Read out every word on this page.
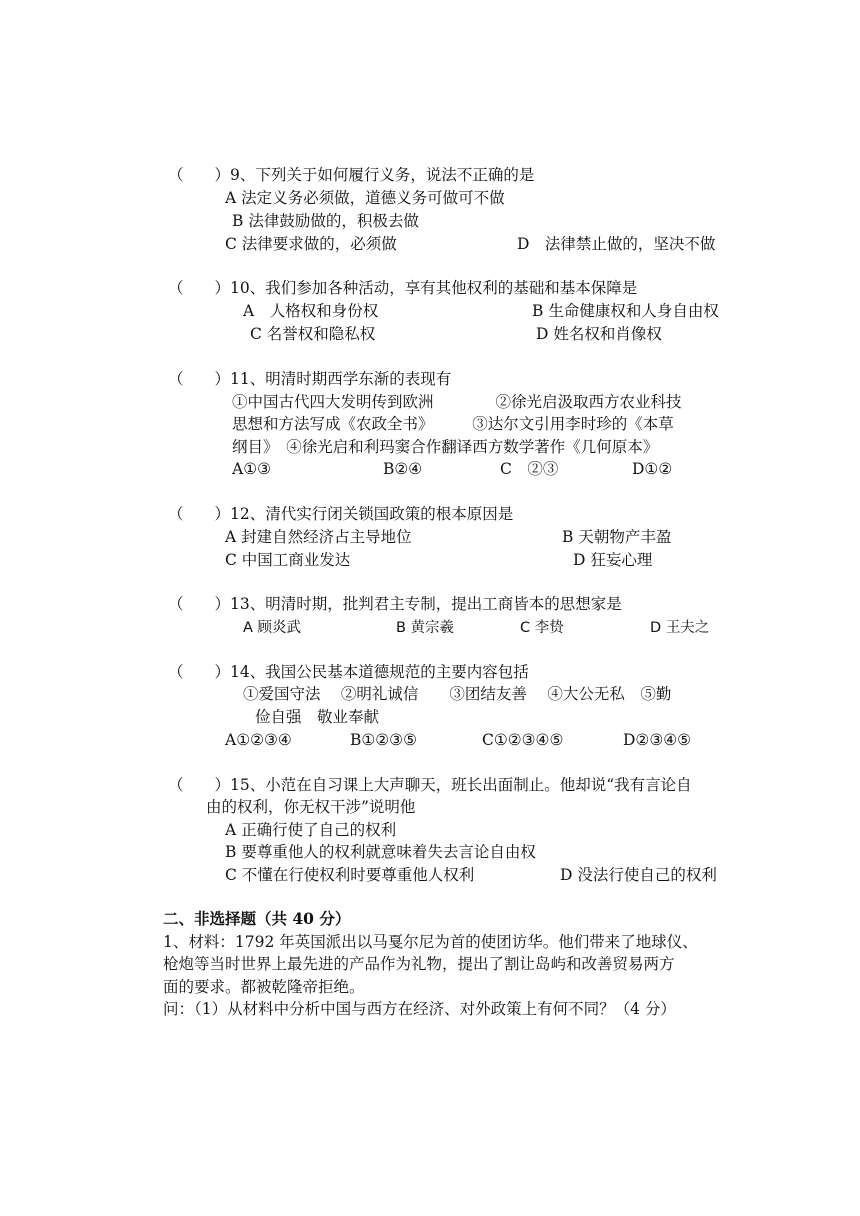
（　　）9、下列关于如何履行义务，说法不正确的是
A 法定义务必须做，道德义务可做可不做
B 法律鼓励做的，积极去做
C 法律要求做的，必须做	D　法律禁止做的，坚决不做
（　　）10、我们参加各种活动，享有其他权利的基础和基本保障是
A　人格权和身份权	B 生命健康权和人身自由权
C 名誉权和隐私权	D 姓名权和肖像权
（　　）11、明清时期西学东渐的表现有
①中国古代四大发明传到欧洲　　　　②徐光启汲取西方农业科技
思想和方法写成《农政全书》　　　③达尔文引用李时珍的《本草
纲目》　④徐光启和利玛窦合作翻译西方数学著作《几何原本》
A①③	B②④	C　②③	D①②
（　　）12、清代实行闭关锁国政策的根本原因是
A 封建自然经济占主导地位	B 天朝物产丰盈
C 中国工商业发达	D 狂妄心理
（　　）13、明清时期，批判君主专制，提出工商皆本的思想家是
A 顾炎武	B 黄宗羲	C 李贽	D 王夫之
（　　）14、我国公民基本道德规范的主要内容包括
①爱国守法　 ②明礼诚信　　③团结友善　 ④大公无私　⑤勤
俭自强　敬业奉献
A①②③④	B①②③⑤	C①②③④⑤	D②③④⑤
（　　）15、小范在自习课上大声聊天，班长出面制止。他却说“我有言论自
由的权利，你无权干涉”说明他
A 正确行使了自己的权利
B 要尊重他人的权利就意味着失去言论自由权
C 不懂在行使权利时要尊重他人权利	D 没法行使自己的权利
二、非选择题（共 40 分）
1、材料：1792 年英国派出以马戛尔尼为首的使团访华。他们带来了地球仪、
枪炮等当时世界上最先进的产品作为礼物，提出了割让岛屿和改善贸易两方
面的要求。都被乾隆帝拒绝。
问：（1）从材料中分析中国与西方在经济、对外政策上有何不同？（4 分）
